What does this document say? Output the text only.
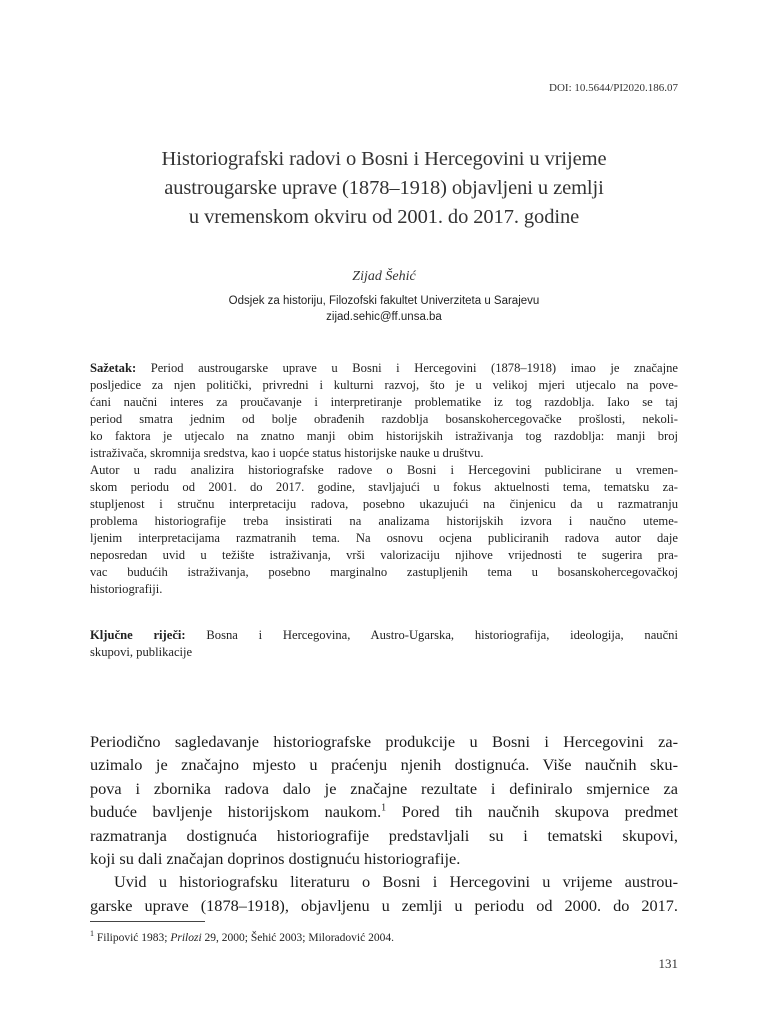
DOI: 10.5644/PI2020.186.07
Historiografski radovi o Bosni i Hercegovini u vrijeme
austrougarske uprave (1878–1918) objavljeni u zemlji
u vremenskom okviru od 2001. do 2017. godine
Zijad Šehić
Odsjek za historiju, Filozofski fakultet Univerziteta u Sarajevu
zijad.sehic@ff.unsa.ba
Sažetak: Period austrougarske uprave u Bosni i Hercegovini (1878–1918) imao je značajne
posljedice za njen politički, privredni i kulturni razvoj, što je u velikoj mjeri utjecalo na pove-
ćani naučni interes za proučavanje i interpretiranje problematike iz tog razdoblja. Iako se taj
period smatra jednim od bolje obrađenih razdoblja bosanskohercegovačke prošlosti, nekoli-
ko faktora je utjecalo na znatno manji obim historijskih istraživanja tog razdoblja: manji broj
istraživača, skromnija sredstva, kao i uopće status historijske nauke u društvu.
Autor u radu analizira historiografske radove o Bosni i Hercegovini publicirane u vremen-
skom periodu od 2001. do 2017. godine, stavljajući u fokus aktuelnosti tema, tematsku za-
stupljenost i stručnu interpretaciju radova, posebno ukazujući na činjenicu da u razmatranju
problema historiografije treba insistirati na analizama historijskih izvora i naučno uteme-
ljenim interpretacijama razmatranih tema. Na osnovu ocjena publiciranih radova autor daje
neposredan uvid u težište istraživanja, vrši valorizaciju njihove vrijednosti te sugerira pra-
vac budućih istraživanja, posebno marginalno zastupljenih tema u bosanskohercegovačkoj
historiografiji.
Ključne riječi: Bosna i Hercegovina, Austro-Ugarska, historiografija, ideologija, naučni
skupovi, publikacije
Periodično sagledavanje historiografske produkcije u Bosni i Hercegovini za-
uzimalo je značajno mjesto u praćenju njenih dostignuća. Više naučnih sku-
pova i zbornika radova dalo je značajne rezultate i definiralo smjernice za
buduće bavljenje historijskom naukom.$^1$ Pored tih naučnih skupova predmet
razmatranja dostignuća historiografije predstavljali su i tematski skupovi,
koji su dali značajan doprinos dostignuću historiografije.
Uvid u historiografsku literaturu o Bosni i Hercegovini u vrijeme austrou-
garske uprave (1878–1918), objavljenu u zemlji u periodu od 2000. do 2017.
$^1$ Filipović 1983; Prilozi 29, 2000; Šehić 2003; Miloradović 2004.
131
